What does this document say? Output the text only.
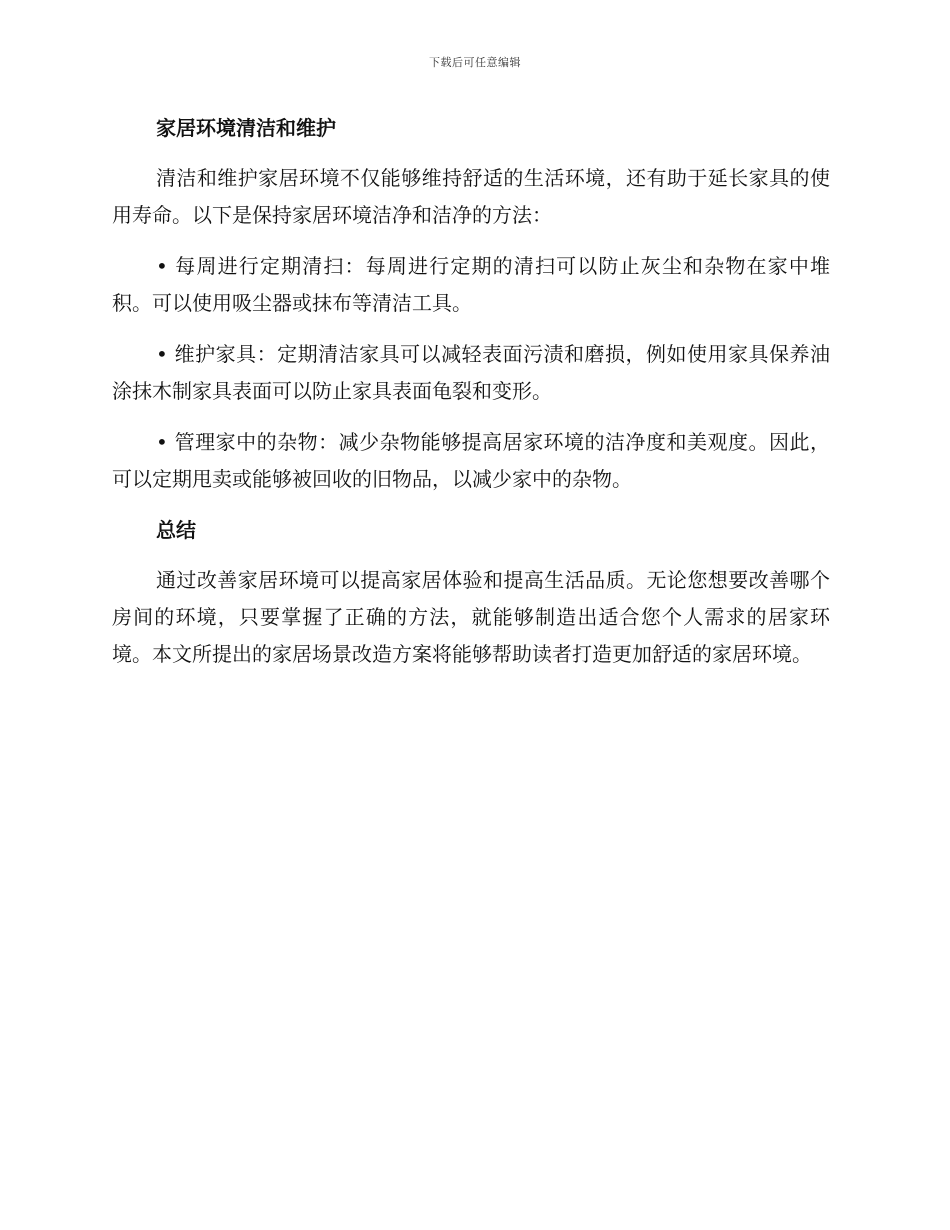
下载后可任意编辑
家居环境清洁和维护

清洁和维护家居环境不仅能够维持舒适的生活环境，还有助于延长家具的使用寿命。以下是保持家居环境洁净和洁净的方法：

• 每周进行定期清扫：每周进行定期的清扫可以防止灰尘和杂物在家中堆积。可以使用吸尘器或抹布等清洁工具。

• 维护家具：定期清洁家具可以减轻表面污渍和磨损，例如使用家具保养油涂抹木制家具表面可以防止家具表面龟裂和变形。

• 管理家中的杂物：减少杂物能够提高居家环境的洁净度和美观度。因此，可以定期甩卖或能够被回收的旧物品，以减少家中的杂物。

总结

通过改善家居环境可以提高家居体验和提高生活品质。无论您想要改善哪个房间的环境，只要掌握了正确的方法，就能够制造出适合您个人需求的居家环境。本文所提出的家居场景改造方案将能够帮助读者打造更加舒适的家居环境。
